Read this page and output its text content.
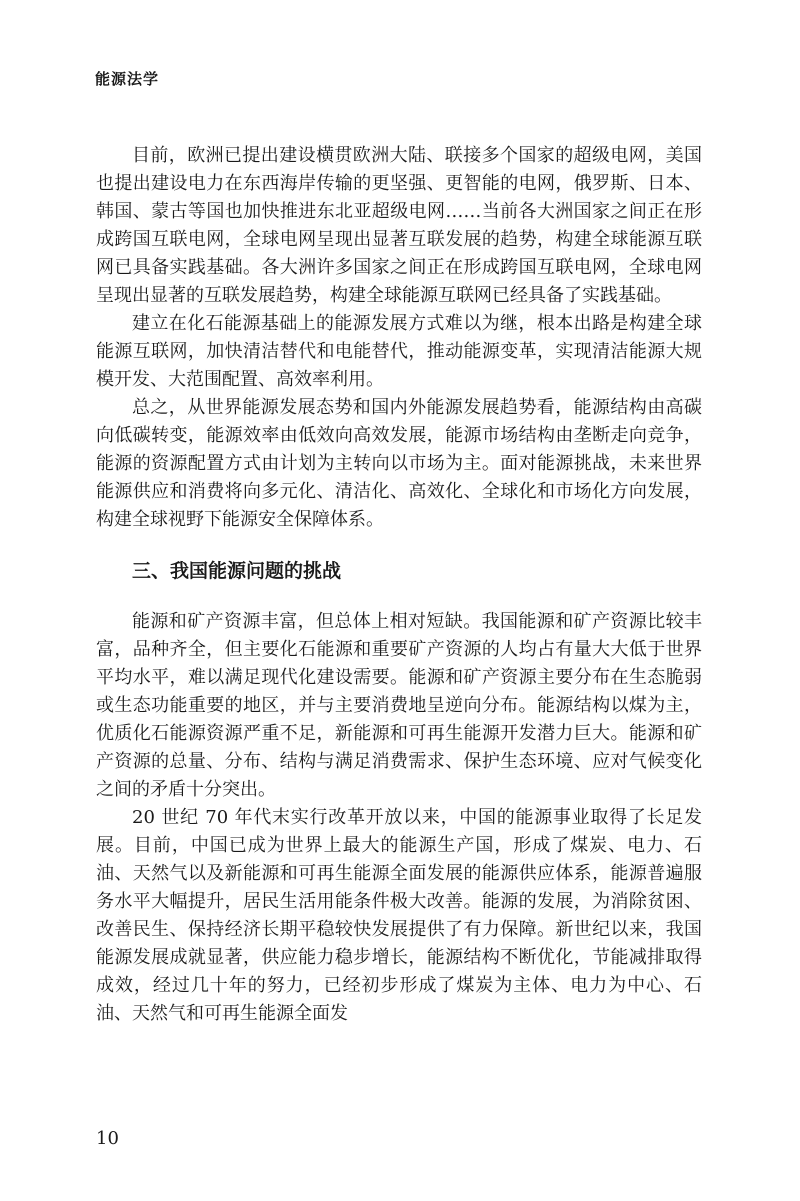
能源法学

目前，欧洲已提出建设横贯欧洲大陆、联接多个国家的超级电网，美国也提出建设电力在东西海岸传输的更坚强、更智能的电网，俄罗斯、日本、韩国、蒙古等国也加快推进东北亚超级电网……当前各大洲国家之间正在形成跨国互联电网，全球电网呈现出显著互联发展的趋势，构建全球能源互联网已具备实践基础。各大洲许多国家之间正在形成跨国互联电网，全球电网呈现出显著的互联发展趋势，构建全球能源互联网已经具备了实践基础。

建立在化石能源基础上的能源发展方式难以为继，根本出路是构建全球能源互联网，加快清洁替代和电能替代，推动能源变革，实现清洁能源大规模开发、大范围配置、高效率利用。

总之，从世界能源发展态势和国内外能源发展趋势看，能源结构由高碳向低碳转变，能源效率由低效向高效发展，能源市场结构由垄断走向竞争，能源的资源配置方式由计划为主转向以市场为主。面对能源挑战，未来世界能源供应和消费将向多元化、清洁化、高效化、全球化和市场化方向发展，构建全球视野下能源安全保障体系。

三、我国能源问题的挑战

能源和矿产资源丰富，但总体上相对短缺。我国能源和矿产资源比较丰富，品种齐全，但主要化石能源和重要矿产资源的人均占有量大大低于世界平均水平，难以满足现代化建设需要。能源和矿产资源主要分布在生态脆弱或生态功能重要的地区，并与主要消费地呈逆向分布。能源结构以煤为主，优质化石能源资源严重不足，新能源和可再生能源开发潜力巨大。能源和矿产资源的总量、分布、结构与满足消费需求、保护生态环境、应对气候变化之间的矛盾十分突出。

20 世纪 70 年代末实行改革开放以来，中国的能源事业取得了长足发展。目前，中国已成为世界上最大的能源生产国，形成了煤炭、电力、石油、天然气以及新能源和可再生能源全面发展的能源供应体系，能源普遍服务水平大幅提升，居民生活用能条件极大改善。能源的发展，为消除贫困、改善民生、保持经济长期平稳较快发展提供了有力保障。新世纪以来，我国能源发展成就显著，供应能力稳步增长，能源结构不断优化，节能减排取得成效，经过几十年的努力，已经初步形成了煤炭为主体、电力为中心、石油、天然气和可再生能源全面发

10
